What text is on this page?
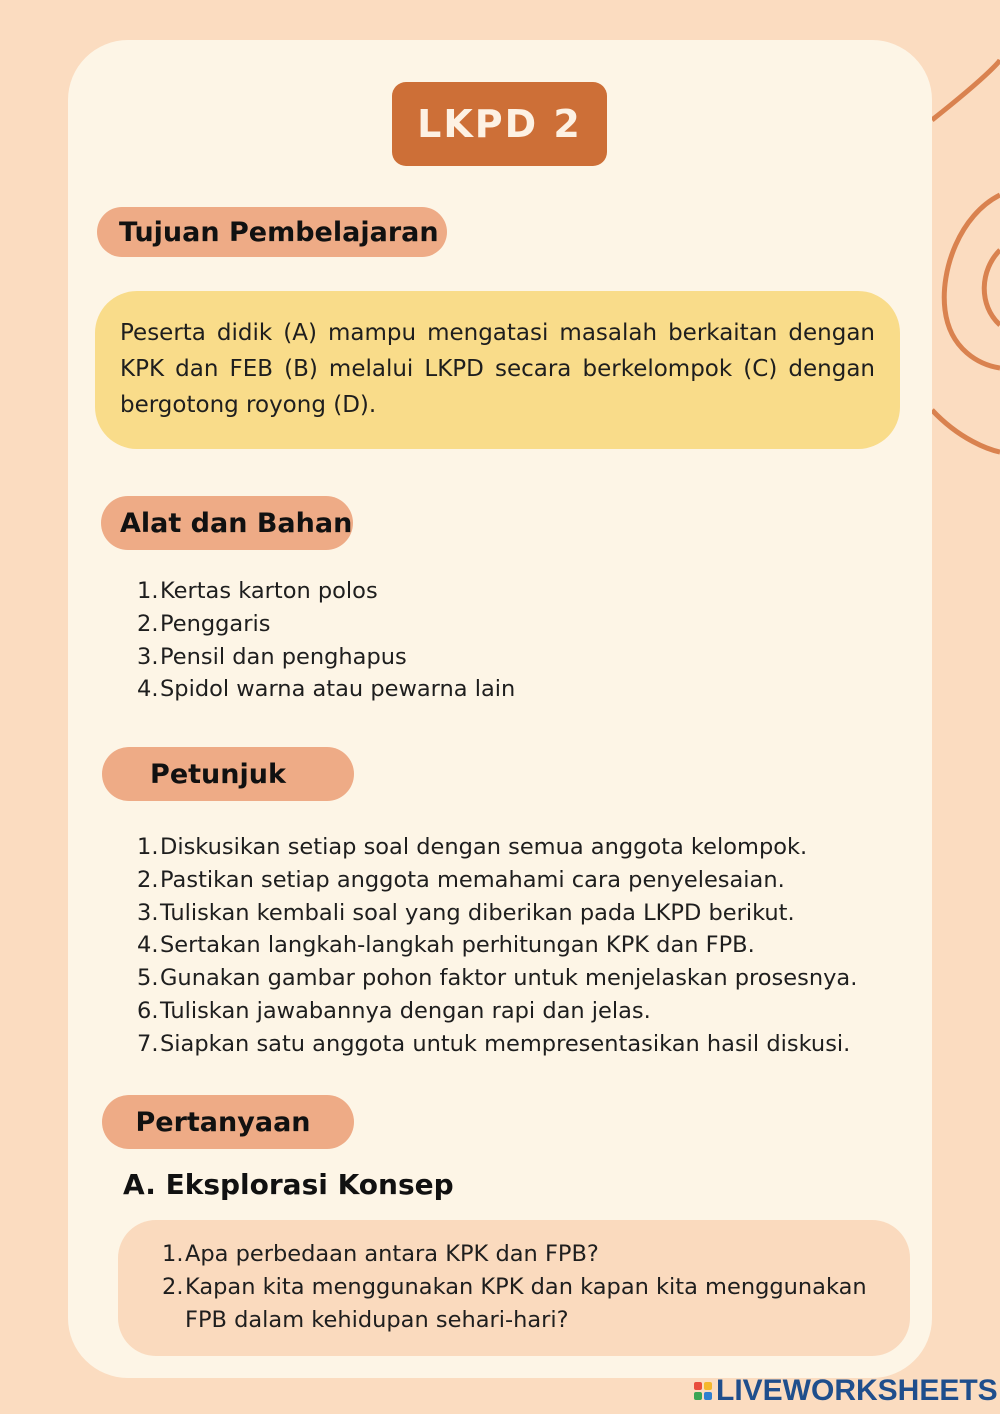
LKPD 2
Tujuan Pembelajaran
Peserta didik (A) mampu mengatasi masalah berkaitan dengan KPK dan FEB (B) melalui LKPD secara berkelompok (C) dengan bergotong royong (D).
Alat dan Bahan
1. Kertas karton polos
2. Penggaris
3. Pensil dan penghapus
4. Spidol warna atau pewarna lain
Petunjuk
1. Diskusikan setiap soal dengan semua anggota kelompok.
2. Pastikan setiap anggota memahami cara penyelesaian.
3. Tuliskan kembali soal yang diberikan pada LKPD berikut.
4. Sertakan langkah-langkah perhitungan KPK dan FPB.
5. Gunakan gambar pohon faktor untuk menjelaskan prosesnya.
6. Tuliskan jawabannya dengan rapi dan jelas.
7. Siapkan satu anggota untuk mempresentasikan hasil diskusi.
Pertanyaan
A. Eksplorasi Konsep
1. Apa perbedaan antara KPK dan FPB?
2. Kapan kita menggunakan KPK dan kapan kita menggunakan FPB dalam kehidupan sehari-hari?
LIVEWORKSHEETS
